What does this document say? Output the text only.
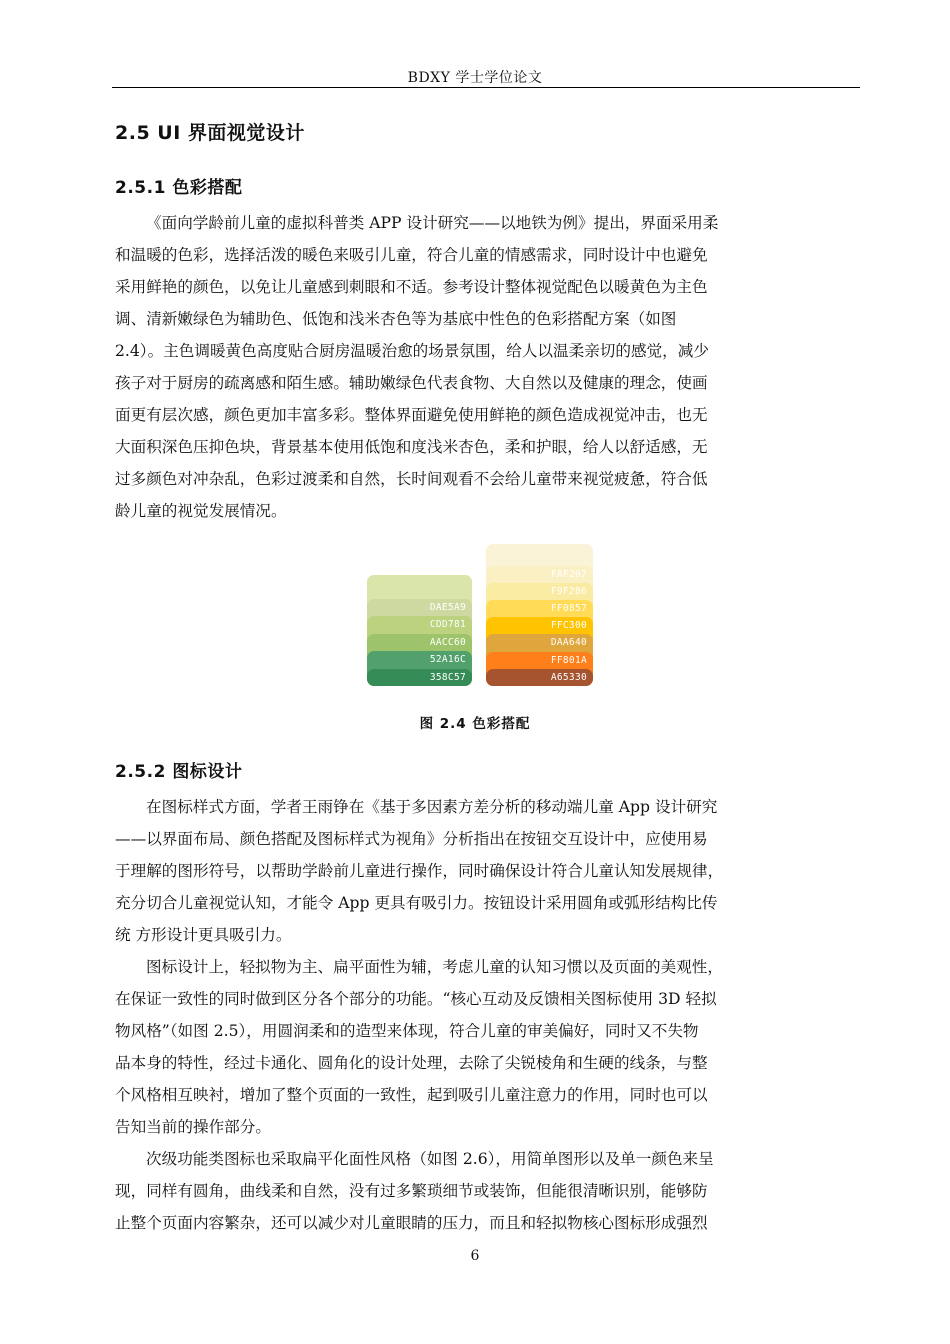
BDXY 学士学位论文
2.5 UI 界面视觉设计
2.5.1 色彩搭配
《面向学龄前儿童的虚拟科普类 APP 设计研究——以地铁为例》提出，界面采用柔
和温暖的色彩，选择活泼的暖色来吸引儿童，符合儿童的情感需求，同时设计中也避免
采用鲜艳的颜色，以免让儿童感到刺眼和不适。参考设计整体视觉配色以暖黄色为主色
调、清新嫩绿色为辅助色、低饱和浅米杏色等为基底中性色的色彩搭配方案（如图
2.4）。主色调暖黄色高度贴合厨房温暖治愈的场景氛围，给人以温柔亲切的感觉，减少
孩子对于厨房的疏离感和陌生感。辅助嫩绿色代表食物、大自然以及健康的理念，使画
面更有层次感，颜色更加丰富多彩。整体界面避免使用鲜艳的颜色造成视觉冲击，也无
大面积深色压抑色块，背景基本使用低饱和度浅米杏色，柔和护眼，给人以舒适感，无
过多颜色对冲杂乱，色彩过渡柔和自然，长时间观看不会给儿童带来视觉疲惫，符合低
龄儿童的视觉发展情况。
DAE5A9
CDD781
AACC60
52A16C
358C57
FAF207
F9F286
FF0857
FFC300
DAA640
FF801A
A65330
图 2.4 色彩搭配
2.5.2 图标设计
在图标样式方面，学者王雨铮在《基于多因素方差分析的移动端儿童 App 设计研究
——以界面布局、颜色搭配及图标样式为视角》分析指出在按钮交互设计中，应使用易
于理解的图形符号，以帮助学龄前儿童进行操作，同时确保设计符合儿童认知发展规律，
充分切合儿童视觉认知，才能令 App 更具有吸引力。按钮设计采用圆角或弧形结构比传
统 方形设计更具吸引力。
图标设计上，轻拟物为主、扁平面性为辅，考虑儿童的认知习惯以及页面的美观性，
在保证一致性的同时做到区分各个部分的功能。“核心互动及反馈相关图标使用 3D 轻拟
物风格”（如图 2.5），用圆润柔和的造型来体现，符合儿童的审美偏好，同时又不失物
品本身的特性，经过卡通化、圆角化的设计处理，去除了尖锐棱角和生硬的线条，与整
个风格相互映衬，增加了整个页面的一致性，起到吸引儿童注意力的作用，同时也可以
告知当前的操作部分。
次级功能类图标也采取扁平化面性风格（如图 2.6），用简单图形以及单一颜色来呈
现，同样有圆角，曲线柔和自然，没有过多繁琐细节或装饰，但能很清晰识别，能够防
止整个页面内容繁杂，还可以减少对儿童眼睛的压力，而且和轻拟物核心图标形成强烈
6
